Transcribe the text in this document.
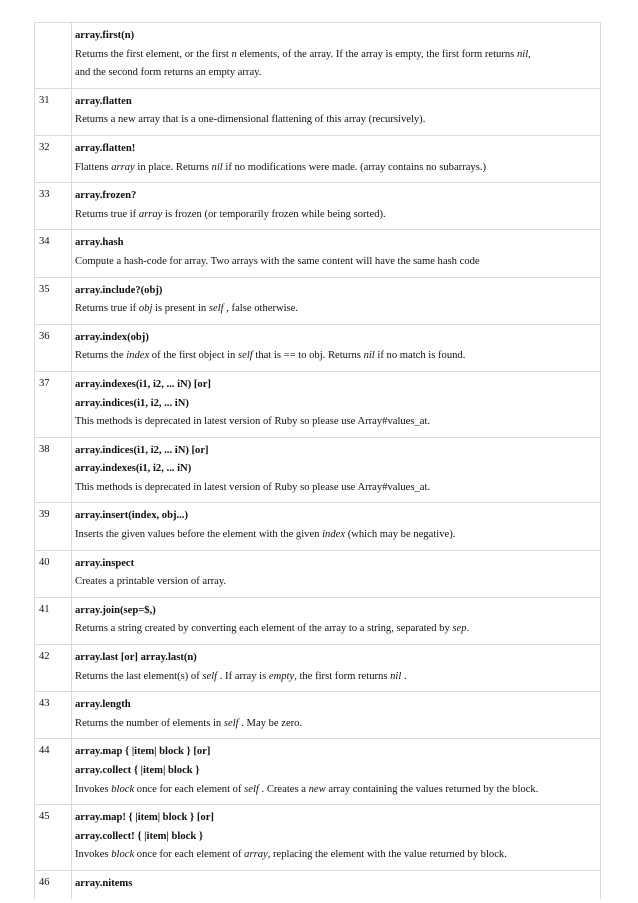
	array.first(n)
Returns the first element, or the first n elements, of the array. If the array is empty, the first form returns nil,
and the second form returns an empty array.

31	array.flatten
Returns a new array that is a one-dimensional flattening of this array (recursively).

32	array.flatten!
Flattens array in place. Returns nil if no modifications were made. (array contains no subarrays.)

33	array.frozen?
Returns true if array is frozen (or temporarily frozen while being sorted).

34	array.hash
Compute a hash-code for array. Two arrays with the same content will have the same hash code

35	array.include?(obj)
Returns true if obj is present in self , false otherwise.

36	array.index(obj)
Returns the index of the first object in self that is == to obj. Returns nil if no match is found.

37	array.indexes(i1, i2, ... iN) [or]
array.indices(i1, i2, ... iN)
This methods is deprecated in latest version of Ruby so please use Array#values_at.

38	array.indices(i1, i2, ... iN) [or]
array.indexes(i1, i2, ... iN)
This methods is deprecated in latest version of Ruby so please use Array#values_at.

39	array.insert(index, obj...)
Inserts the given values before the element with the given index (which may be negative).

40	array.inspect
Creates a printable version of array.

41	array.join(sep=$,)
Returns a string created by converting each element of the array to a string, separated by sep.

42	array.last [or] array.last(n)
Returns the last element(s) of self . If array is empty, the first form returns nil .

43	array.length
Returns the number of elements in self . May be zero.

44	array.map { |item| block } [or]
array.collect { |item| block }
Invokes block once for each element of self . Creates a new array containing the values returned by the block.

45	array.map! { |item| block } [or]
array.collect! { |item| block }
Invokes block once for each element of array, replacing the element with the value returned by block.

46	array.nitems
